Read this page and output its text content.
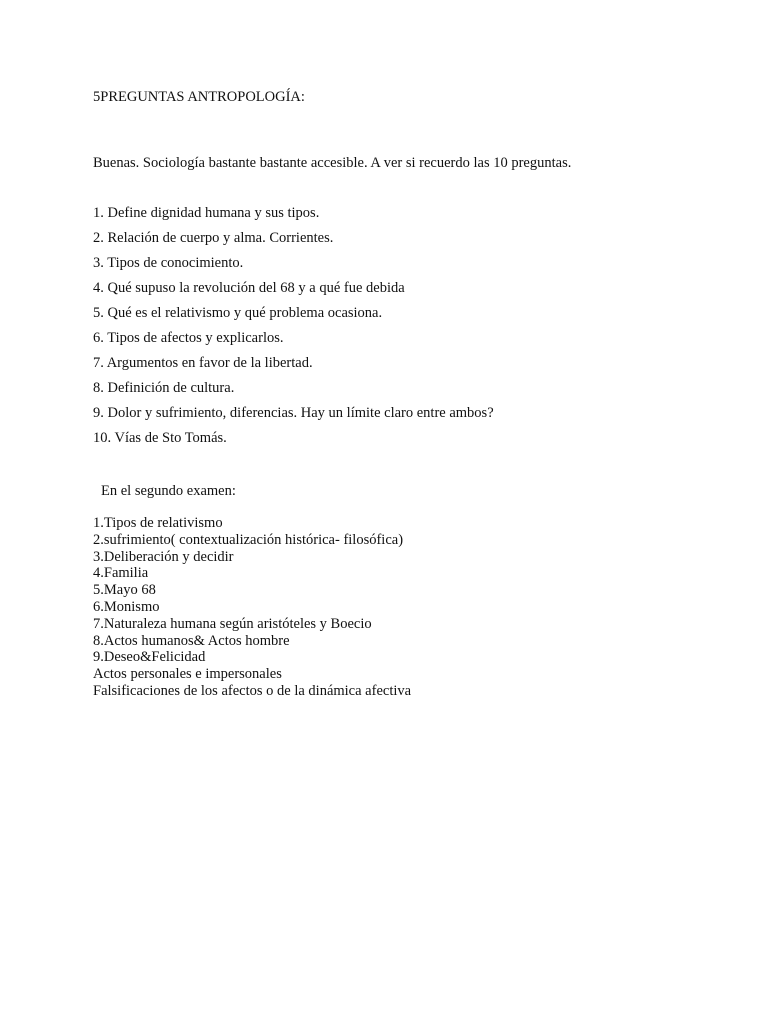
5PREGUNTAS ANTROPOLOGÍA:

Buenas. Sociología bastante bastante accesible. A ver si recuerdo las 10 preguntas.

1. Define dignidad humana y sus tipos.
2. Relación de cuerpo y alma. Corrientes.
3. Tipos de conocimiento.
4. Qué supuso la revolución del 68 y a qué fue debida
5. Qué es el relativismo y qué problema ocasiona.
6. Tipos de afectos y explicarlos.
7. Argumentos en favor de la libertad.
8. Definición de cultura.
9. Dolor y sufrimiento, diferencias. Hay un límite claro entre ambos?
10. Vías de Sto Tomás.

En el segundo examen:

1.Tipos de relativismo
2.sufrimiento( contextualización histórica- filosófica)
3.Deliberación y decidir
4.Familia
5.Mayo 68
6.Monismo
7.Naturaleza humana según aristóteles y Boecio
8.Actos humanos& Actos hombre
9.Deseo&Felicidad
Actos personales e impersonales
Falsificaciones de los afectos o de la dinámica afectiva
